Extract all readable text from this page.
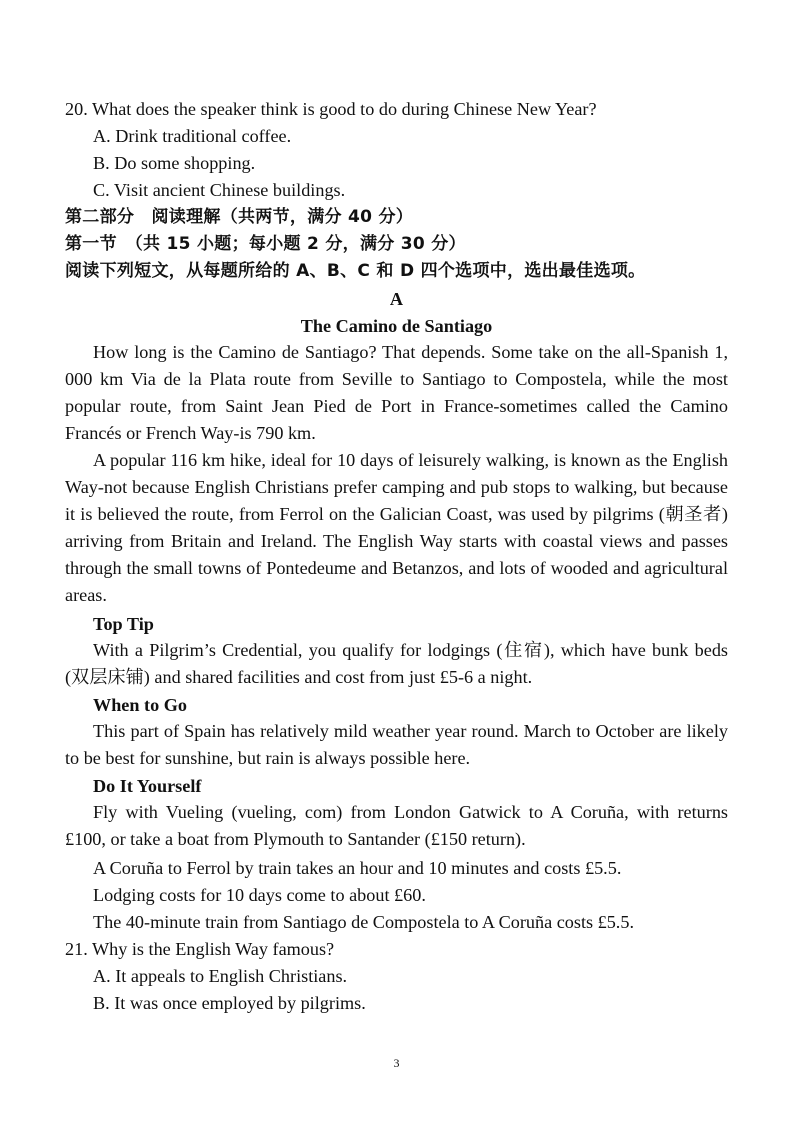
20. What does the speaker think is good to do during Chinese New Year?
A. Drink traditional coffee.
B. Do some shopping.
C. Visit ancient Chinese buildings.
第二部分　阅读理解（共两节，满分 40 分）
第一节　（共 15 小题；每小题 2 分，满分 30 分）
阅读下列短文，从每题所给的 A、B、C 和 D 四个选项中，选出最佳选项。
A
The Camino de Santiago

How long is the Camino de Santiago? That depends. Some take on the all-Spanish 1, 000 km Via de la Plata route from Seville to Santiago to Compostela, while the most popular route, from Saint Jean Pied de Port in France-sometimes called the Camino Francés or French Way-is 790 km.

A popular 116 km hike, ideal for 10 days of leisurely walking, is known as the English Way-not because English Christians prefer camping and pub stops to walking, but because it is believed the route, from Ferrol on the Galician Coast, was used by pilgrims (朝圣者) arriving from Britain and Ireland. The English Way starts with coastal views and passes through the small towns of Pontedeume and Betanzos, and lots of wooded and agricultural areas.

Top Tip

With a Pilgrim’s Credential, you qualify for lodgings (住宿), which have bunk beds (双层床铺) and shared facilities and cost from just £5-6 a night.

When to Go

This part of Spain has relatively mild weather year round. March to October are likely to be best for sunshine, but rain is always possible here.

Do It Yourself

Fly with Vueling (vueling, com) from London Gatwick to A Coruña, with returns £100, or take a boat from Plymouth to Santander (£150 return).

A Coruña to Ferrol by train takes an hour and 10 minutes and costs £5.5.
Lodging costs for 10 days come to about £60.
The 40-minute train from Santiago de Compostela to A Coruña costs £5.5.
21. Why is the English Way famous?
A. It appeals to English Christians.
B. It was once employed by pilgrims.
3
